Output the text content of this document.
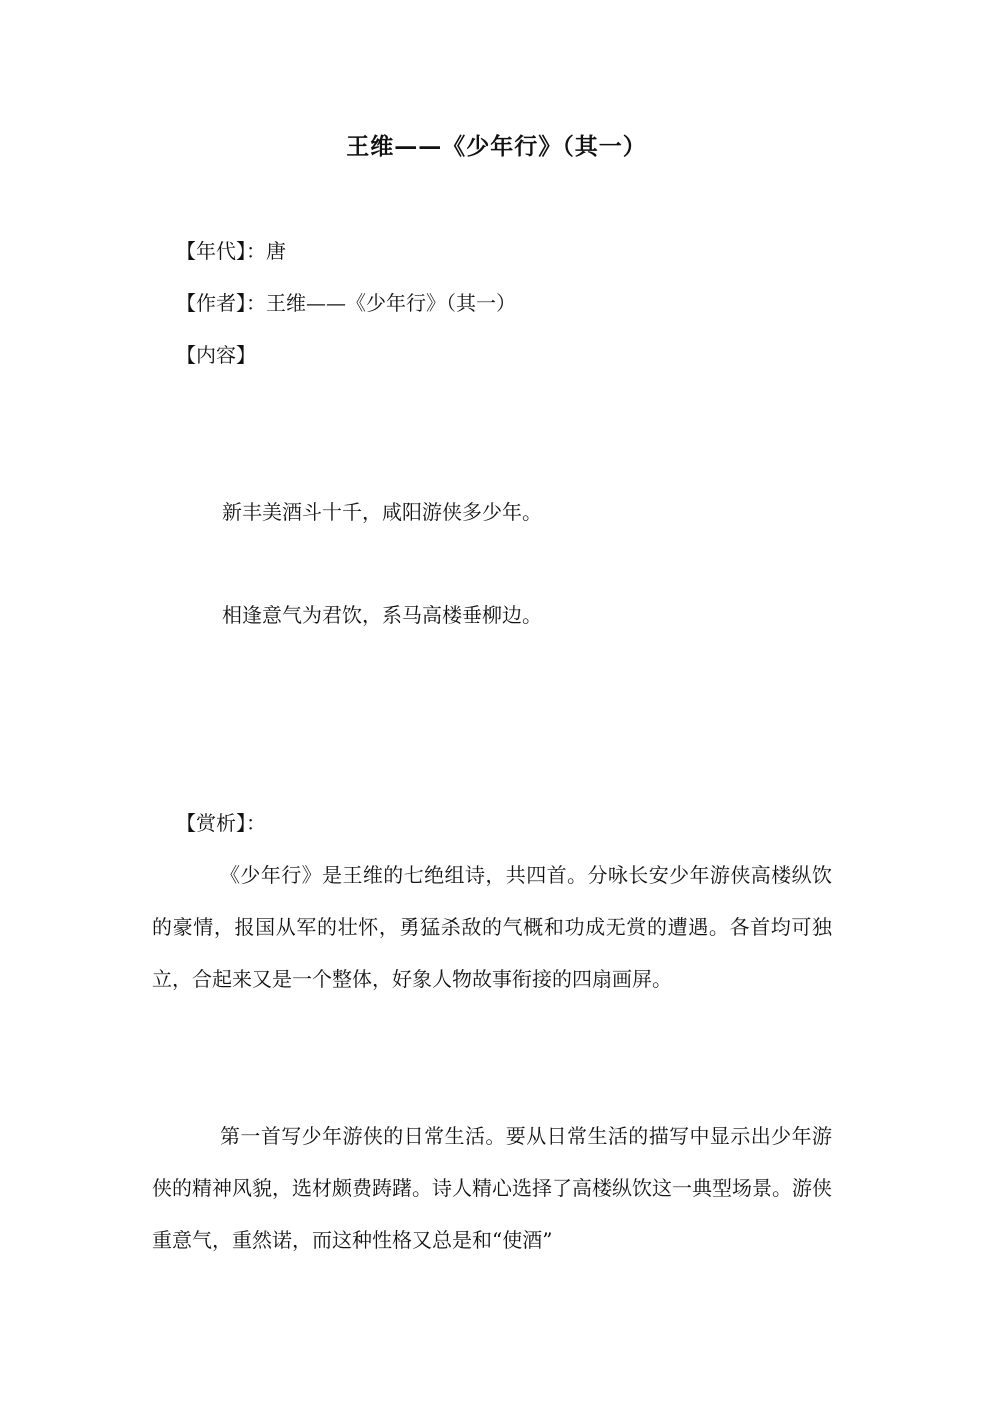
王维——《少年行》（其一）
【年代】：唐
【作者】：王维——《少年行》（其一）
【内容】
新丰美酒斗十千，咸阳游侠多少年。
相逢意气为君饮，系马高楼垂柳边。
【赏析】：

《少年行》是王维的七绝组诗，共四首。分咏长安少年游侠高楼纵饮的豪情，报国从军的壮怀，勇猛杀敌的气概和功成无赏的遭遇。各首均可独立，合起来又是一个整体，好象人物故事衔接的四扇画屏。

第一首写少年游侠的日常生活。要从日常生活的描写中显示出少年游侠的精神风貌，选材颇费踌躇。诗人精心选择了高楼纵饮这一典型场景。游侠重意气，重然诺，而这种性格又总是和“使酒”
